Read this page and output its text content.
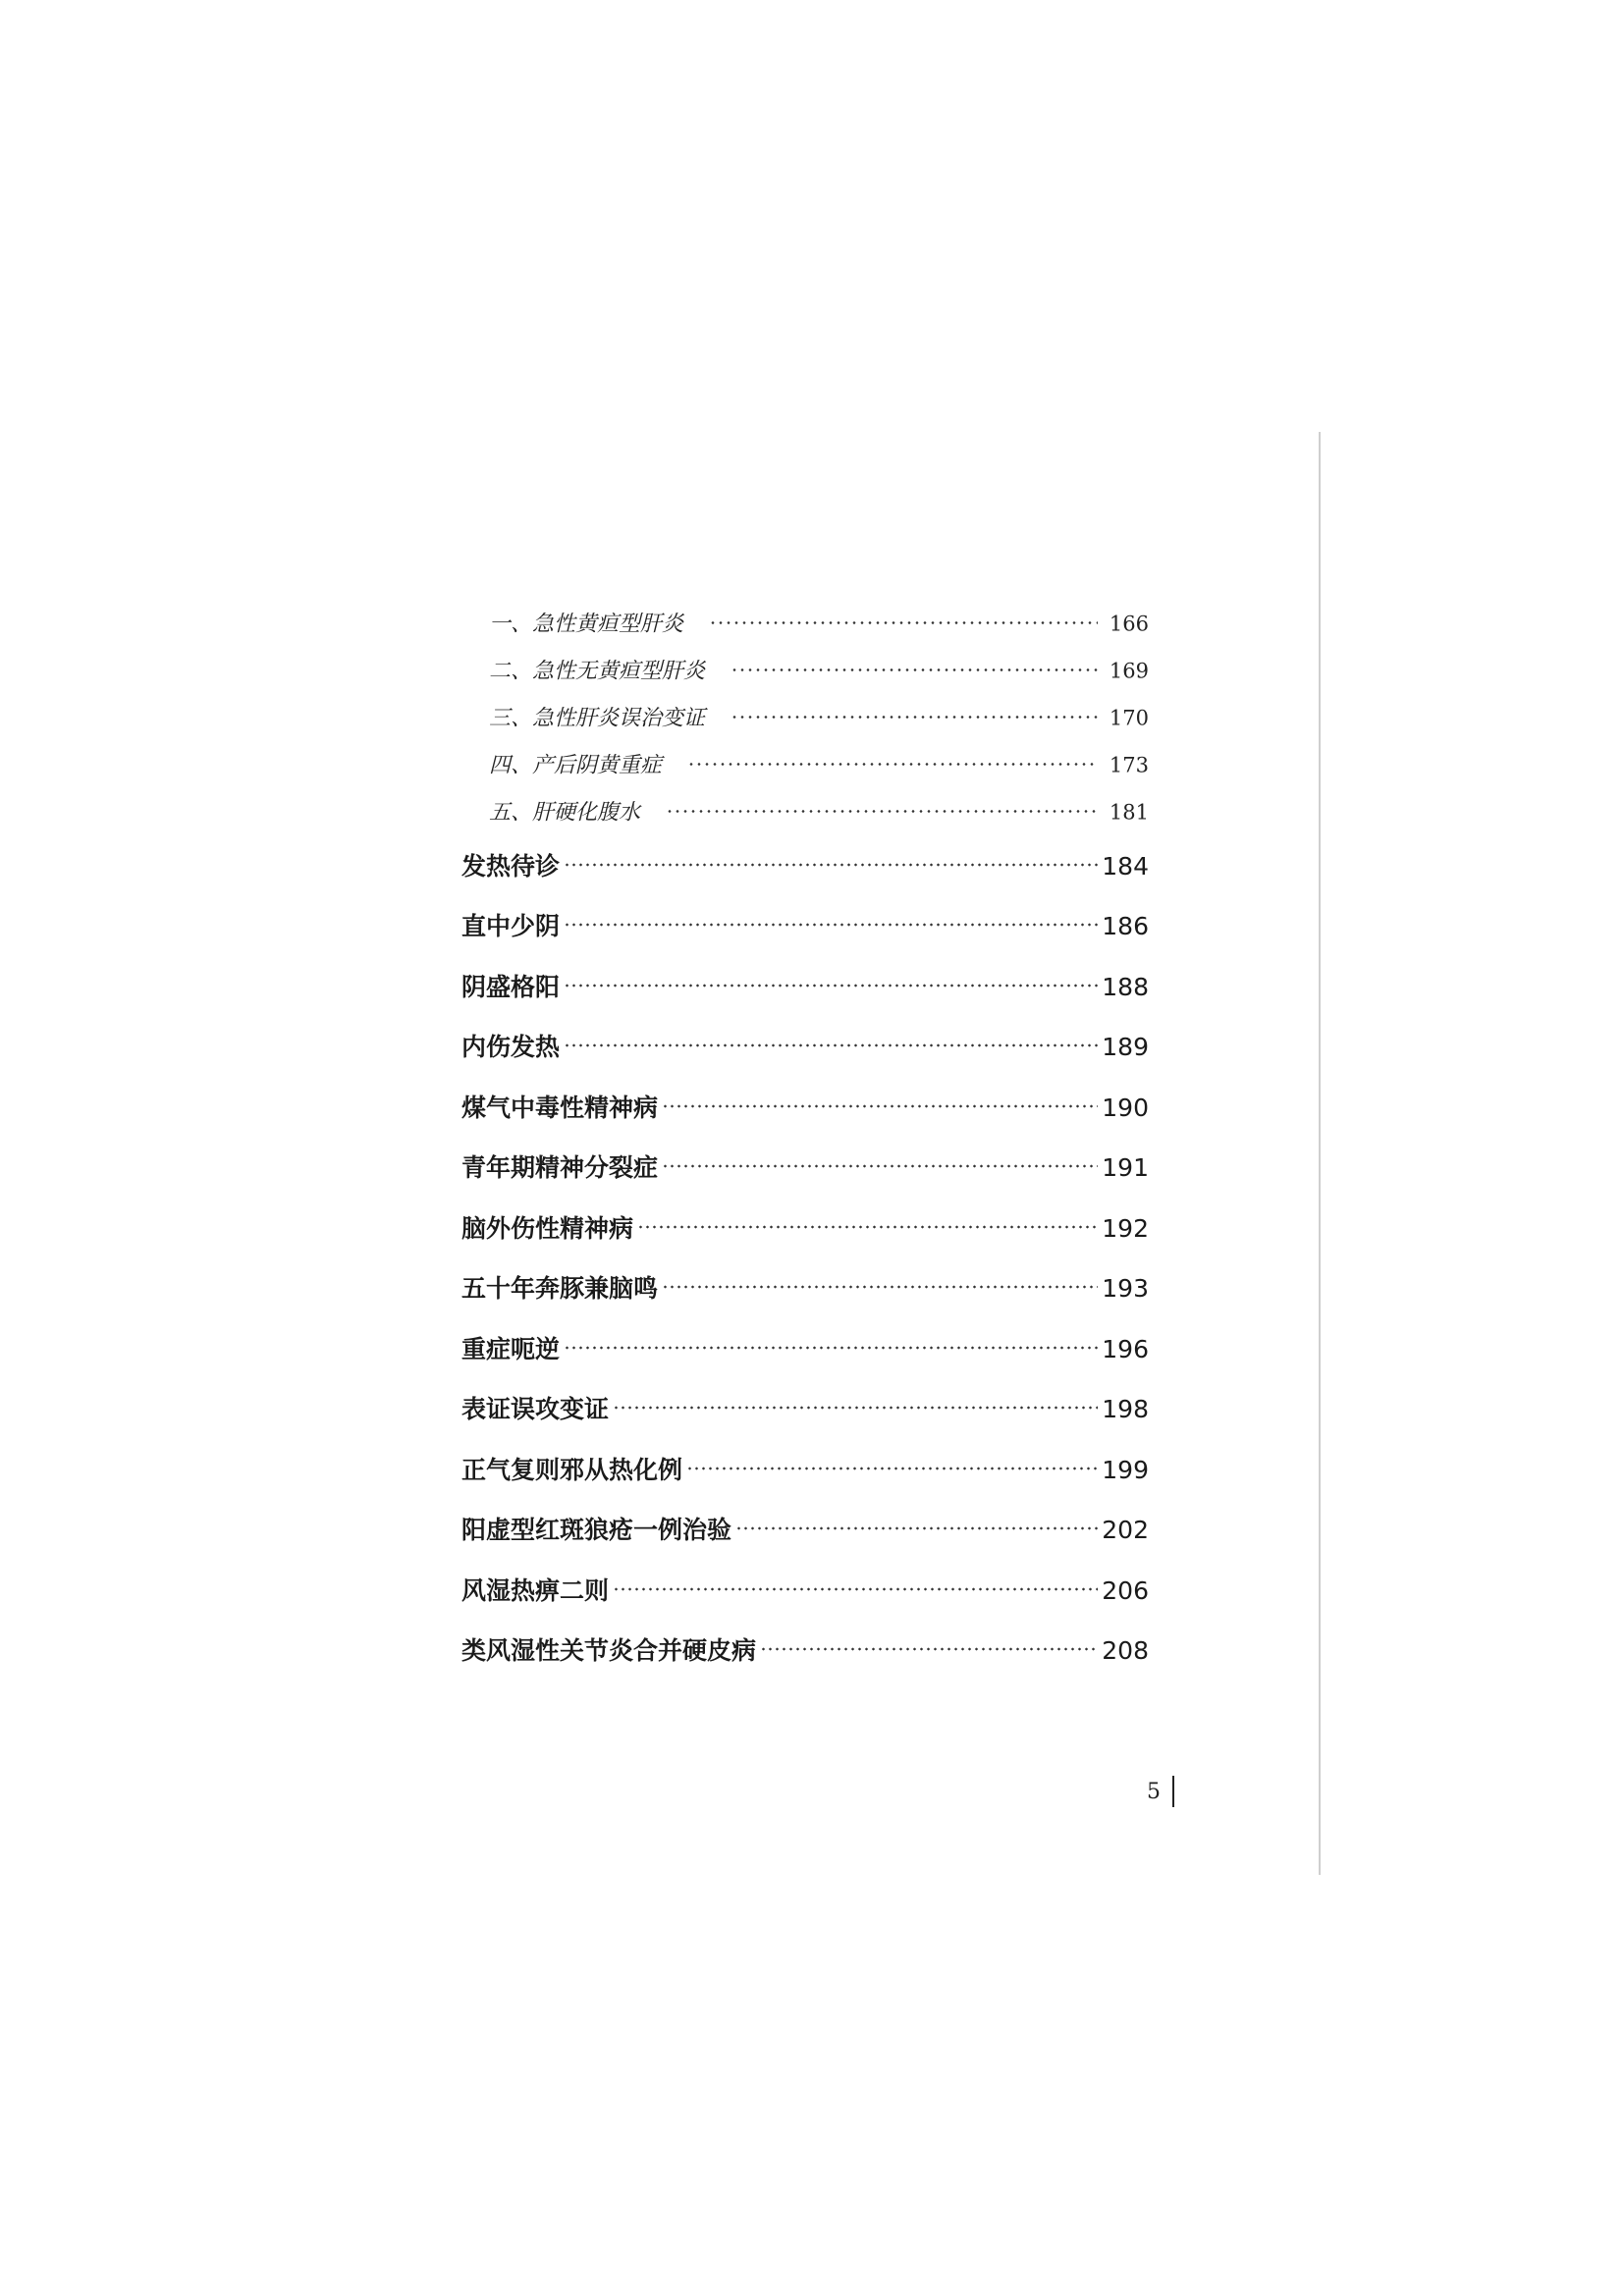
一、急性黄疸型肝炎	166
二、急性无黄疸型肝炎	169
三、急性肝炎误治变证	170
四、产后阴黄重症	173
五、肝硬化腹水	181
发热待诊	184
直中少阴	186
阴盛格阳	188
内伤发热	189
煤气中毒性精神病	190
青年期精神分裂症	191
脑外伤性精神病	192
五十年奔豚兼脑鸣	193
重症呃逆	196
表证误攻变证	198
正气复则邪从热化例	199
阳虚型红斑狼疮一例治验	202
风湿热痹二则	206
类风湿性关节炎合并硬皮病	208
5
